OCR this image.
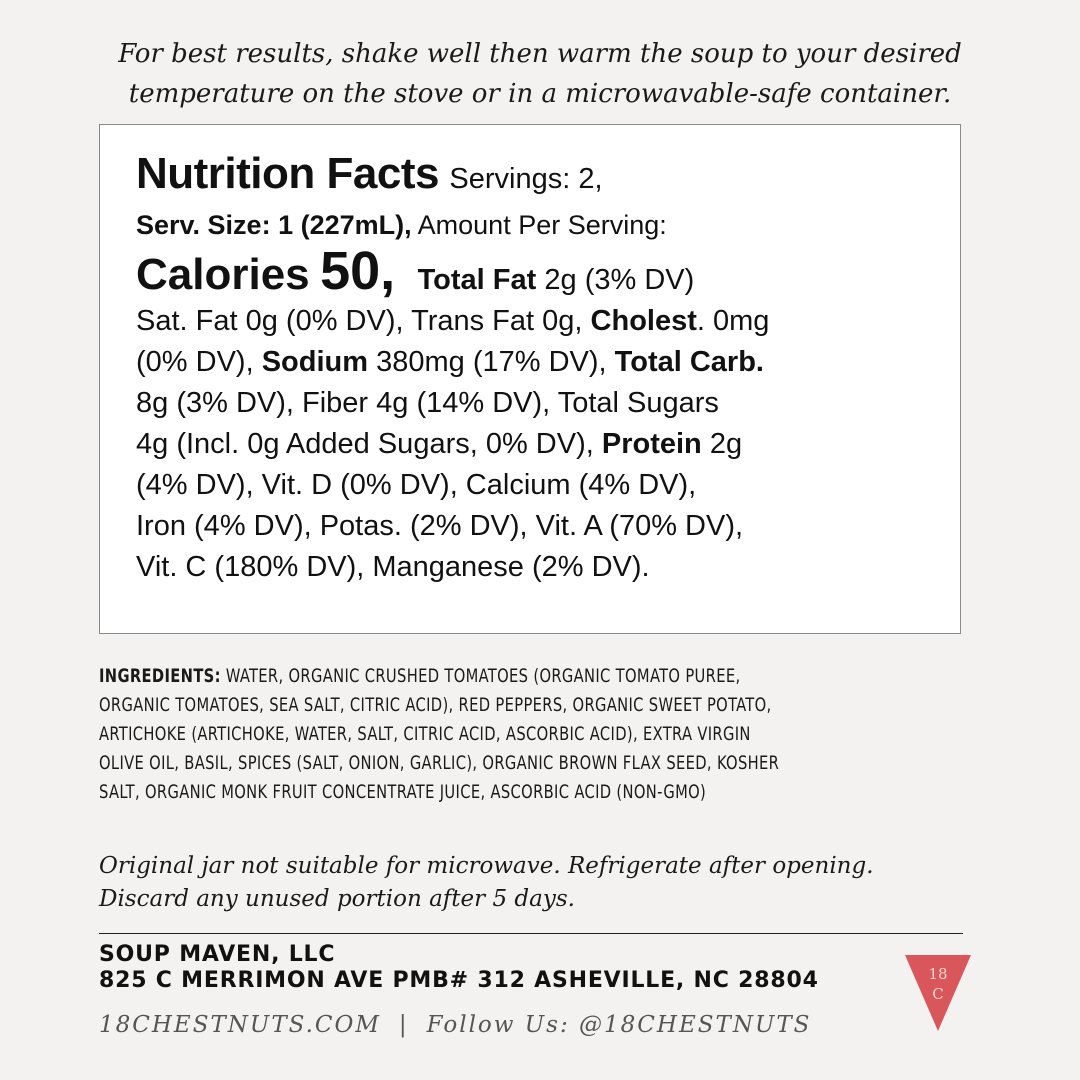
For best results, shake well then warm the soup to your desired
temperature on the stove or in a microwavable-safe container.
Nutrition Facts Servings: 2,
Serv. Size: 1 (227mL), Amount Per Serving:
Calories 50, Total Fat 2g (3% DV)
Sat. Fat 0g (0% DV), Trans Fat 0g, Cholest. 0mg
(0% DV), Sodium 380mg (17% DV), Total Carb.
8g (3% DV), Fiber 4g (14% DV), Total Sugars
4g (Incl. 0g Added Sugars, 0% DV), Protein 2g
(4% DV), Vit. D (0% DV), Calcium (4% DV),
Iron (4% DV), Potas. (2% DV), Vit. A (70% DV),
Vit. C (180% DV), Manganese (2% DV).
INGREDIENTS: WATER, ORGANIC CRUSHED TOMATOES (ORGANIC TOMATO PUREE,
ORGANIC TOMATOES, SEA SALT, CITRIC ACID), RED PEPPERS, ORGANIC SWEET POTATO,
ARTICHOKE (ARTICHOKE, WATER, SALT, CITRIC ACID, ASCORBIC ACID), EXTRA VIRGIN
OLIVE OIL, BASIL, SPICES (SALT, ONION, GARLIC), ORGANIC BROWN FLAX SEED, KOSHER
SALT, ORGANIC MONK FRUIT CONCENTRATE JUICE, ASCORBIC ACID (NON-GMO)
Original jar not suitable for microwave. Refrigerate after opening.
Discard any unused portion after 5 days.
SOUP MAVEN, LLC
825 C MERRIMON AVE PMB# 312 ASHEVILLE, NC 28804
18CHESTNUTS.COM | Follow Us: @18CHESTNUTS
18
C
